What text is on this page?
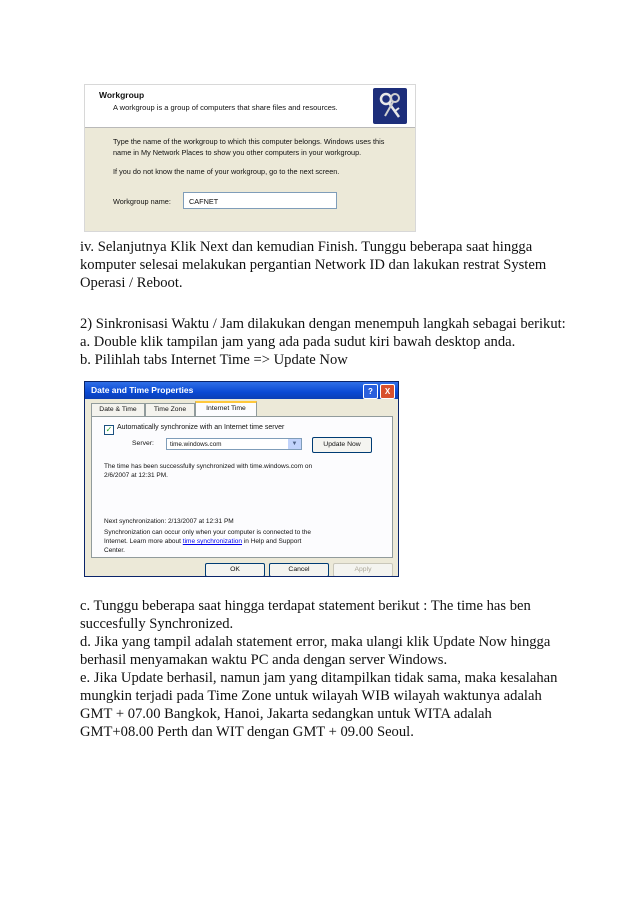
Workgroup
A workgroup is a group of computers that share files and resources.
Type the name of the workgroup to which this computer belongs. Windows uses this
name in My Network Places to show you other computers in your workgroup.
If you do not know the name of your workgroup, go to the next screen.
Workgroup name:	CAFNET
iv. Selanjutnya Klik Next dan kemudian Finish. Tunggu beberapa saat hingga
komputer selesai melakukan pergantian Network ID dan lakukan restrat System
Operasi / Reboot.
2) Sinkronisasi Waktu / Jam dilakukan dengan menempuh langkah sebagai berikut:
a. Double klik tampilan jam yang ada pada sudut kiri bawah desktop anda.
b. Pilihlah tabs Internet Time => Update Now
Date and Time Properties	?	X
Date & Time	Time Zone	Internet Time
✓ Automatically synchronize with an Internet time server
Server:	time.windows.com	▼	Update Now
The time has been successfully synchronized with time.windows.com on
2/6/2007 at 12:31 PM.
Next synchronization: 2/13/2007 at 12:31 PM
Synchronization can occur only when your computer is connected to the
Internet. Learn more about time synchronization in Help and Support
Center.
OK	Cancel	Apply
c. Tunggu beberapa saat hingga terdapat statement berikut : The time has ben
succesfully Synchronized.
d. Jika yang tampil adalah statement error, maka ulangi klik Update Now hingga
berhasil menyamakan waktu PC anda dengan server Windows.
e. Jika Update berhasil, namun jam yang ditampilkan tidak sama, maka kesalahan
mungkin terjadi pada Time Zone untuk wilayah WIB wilayah waktunya adalah
GMT + 07.00 Bangkok, Hanoi, Jakarta sedangkan untuk WITA adalah
GMT+08.00 Perth dan WIT dengan GMT + 09.00 Seoul.
